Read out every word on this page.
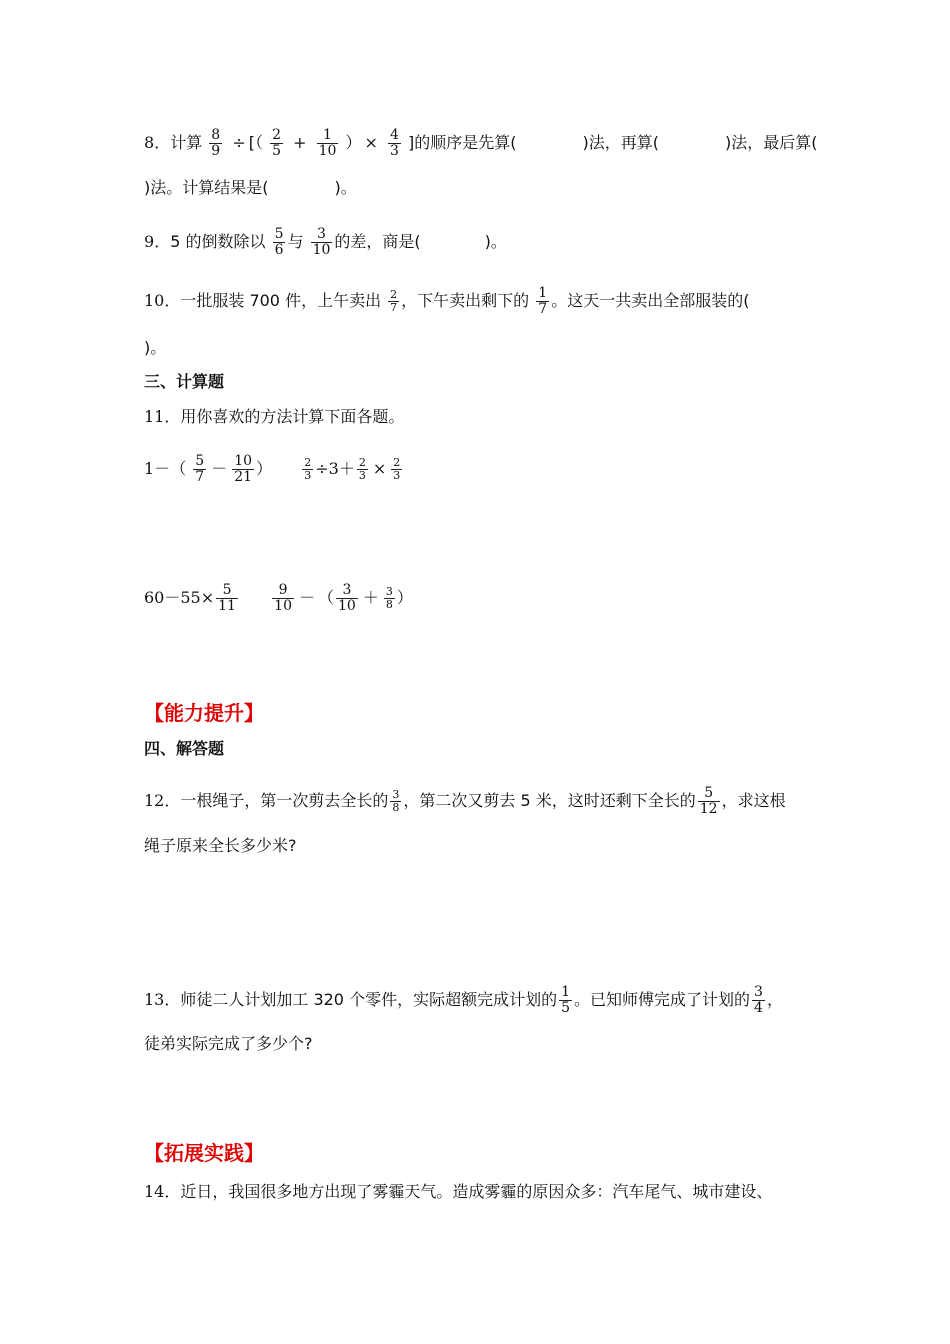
8．计算 $\frac{8}{9}$ ÷ [（ $\frac{2}{5} + \frac{1}{10}$ ） × $\frac{4}{3}$ ]的顺序是先算(	)法，再算(	)法，最后算(
)法。计算结果是(	)。
9．5 的倒数除以 $\frac{5}{6}$ 与 $\frac{3}{10}$ 的差，商是(	)。
10．一批服装 700 件，上午卖出 $\frac{2}{7}$ ，下午卖出剩下的 $\frac{1}{7}$ 。这天一共卖出全部服装的(
)。
三、计算题
11．用你喜欢的方法计算下面各题。
$1-( \frac{5}{7} - \frac{10}{21}$ ）	$\frac{2}{3} \div 3+ \frac{2}{3} \times \frac{2}{3}$
$60-55\times \frac{5}{11}$
$\frac{9}{10}$ － （ $\frac{3}{10} + \frac{3}{8}$ ）
【能力提升】
四、解答题
12．一根绳子，第一次剪去全长的 $\frac{3}{8}$ ，第二次又剪去 5 米，这时还剩下全长的 $\frac{5}{12}$ ，求这根
绳子原来全长多少米?
13．师徒二人计划加工 320 个零件，实际超额完成计划的 $\frac{1}{5}$ 。已知师傅完成了计划的 $\frac{3}{4}$ ，
徒弟实际完成了多少个?
【拓展实践】
14．近日，我国很多地方出现了雾霾天气。造成雾霾的原因众多：汽车尾气、城市建设、
